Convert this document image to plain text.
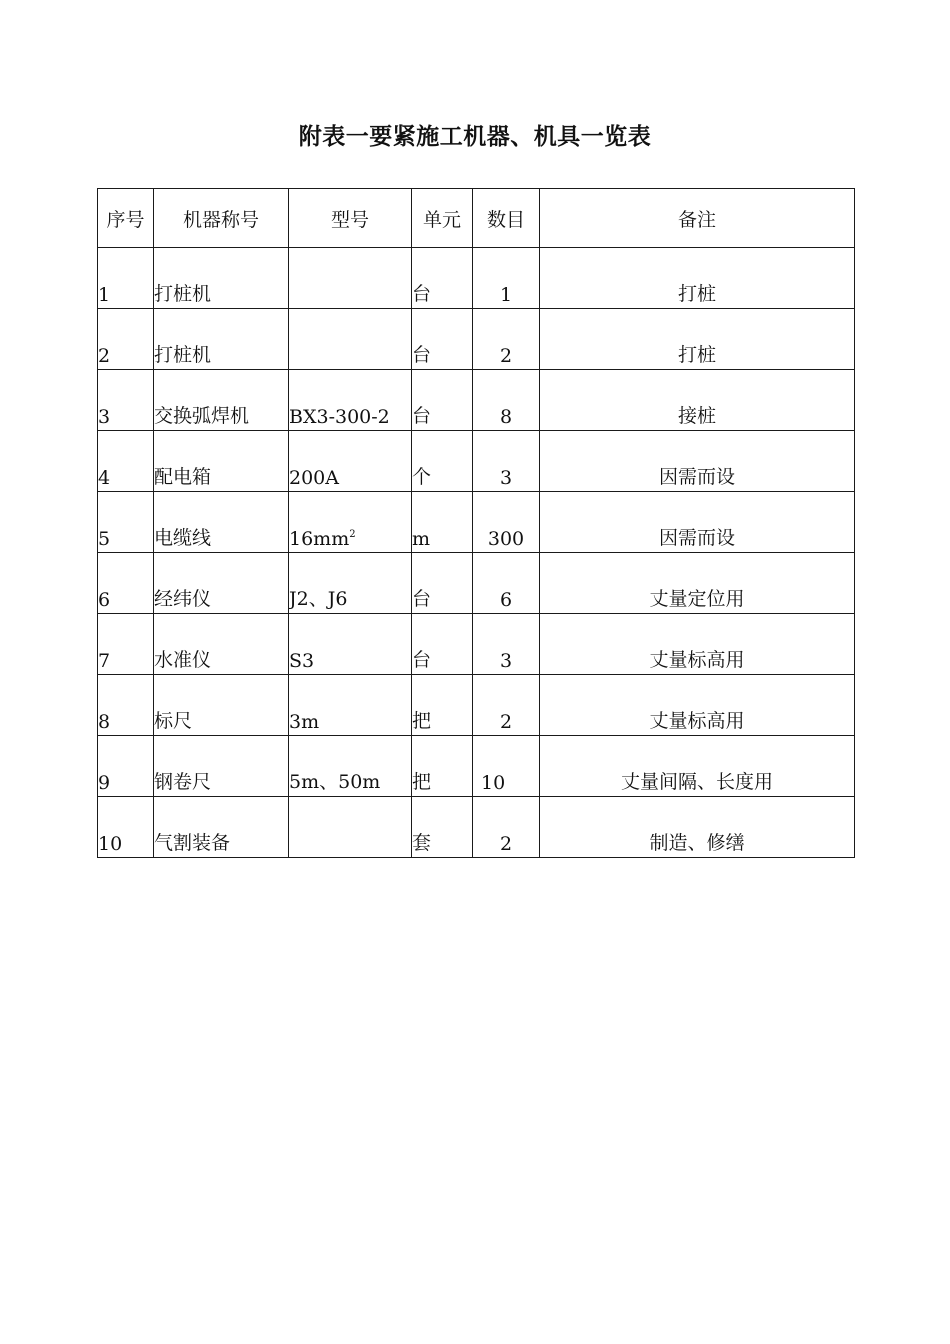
附表一要紧施工机器、机具一览表
序号	机器称号	型号	单元	数目	备注
1	打桩机		台	1	打桩
2	打桩机		台	2	打桩
3	交换弧焊机	BX3-300-2	台	8	接桩
4	配电箱	200A	个	3	因需而设
5	电缆线	$16mm^2$	m	300	因需而设
6	经纬仪	J2、J6	台	6	丈量定位用
7	水准仪	S3	台	3	丈量标高用
8	标尺	3m	把	2	丈量标高用
9	钢卷尺	5m、50m	把	10	丈量间隔、长度用
10	气割装备		套	2	制造、修缮
